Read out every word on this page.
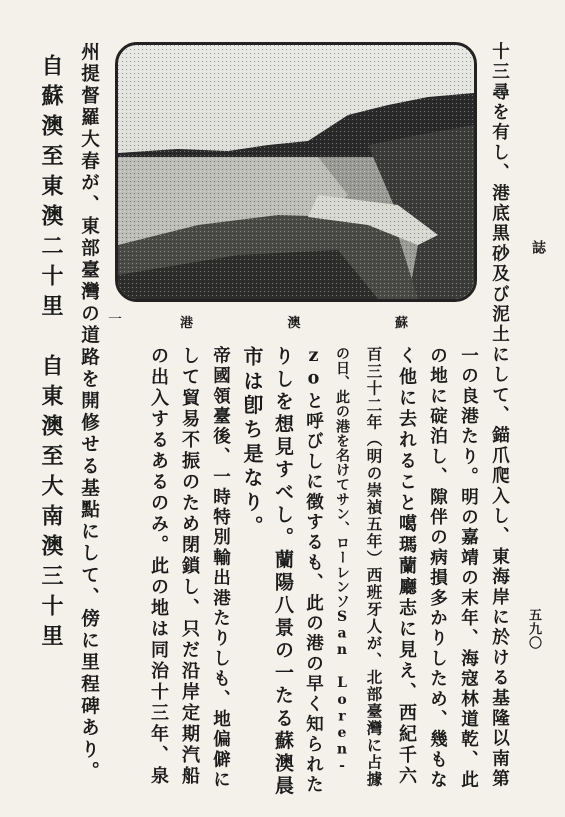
誌
五九〇
一	港	澳	蘇	十三尋を有し、港底黒砂及び泥土にして、錨爪爬入し、東海岸に於ける基隆以南第
一の良港たり。明の嘉靖の末年、海寇林道乾、此
の地に碇泊し、隙伴の病損多かりしため、幾もな
く他に去れること噶瑪蘭廳志に見え、西紀千六
百三十二年（明の崇禎五年）西班牙人が、北部臺灣に占據
の日、此の港を名けてサン、ローレンソSan Loren-
zoと呼びしに徴するも、此の港の早く知られた
りしを想見すべし。蘭陽八景の一たる蘇澳晨
市は卽ち是なり。
帝國領臺後、一時特別輸出港たりしも、地偏僻に
して貿易不振のため閉鎖し、只だ沿岸定期汽船
の出入するあるのみ。此の地は同治十三年、泉
州提督羅大春が、東部臺灣の道路を開修せる基點にして、傍に里程碑あり。
自蘇澳至東澳二十里　自東澳至大南澳三十里
